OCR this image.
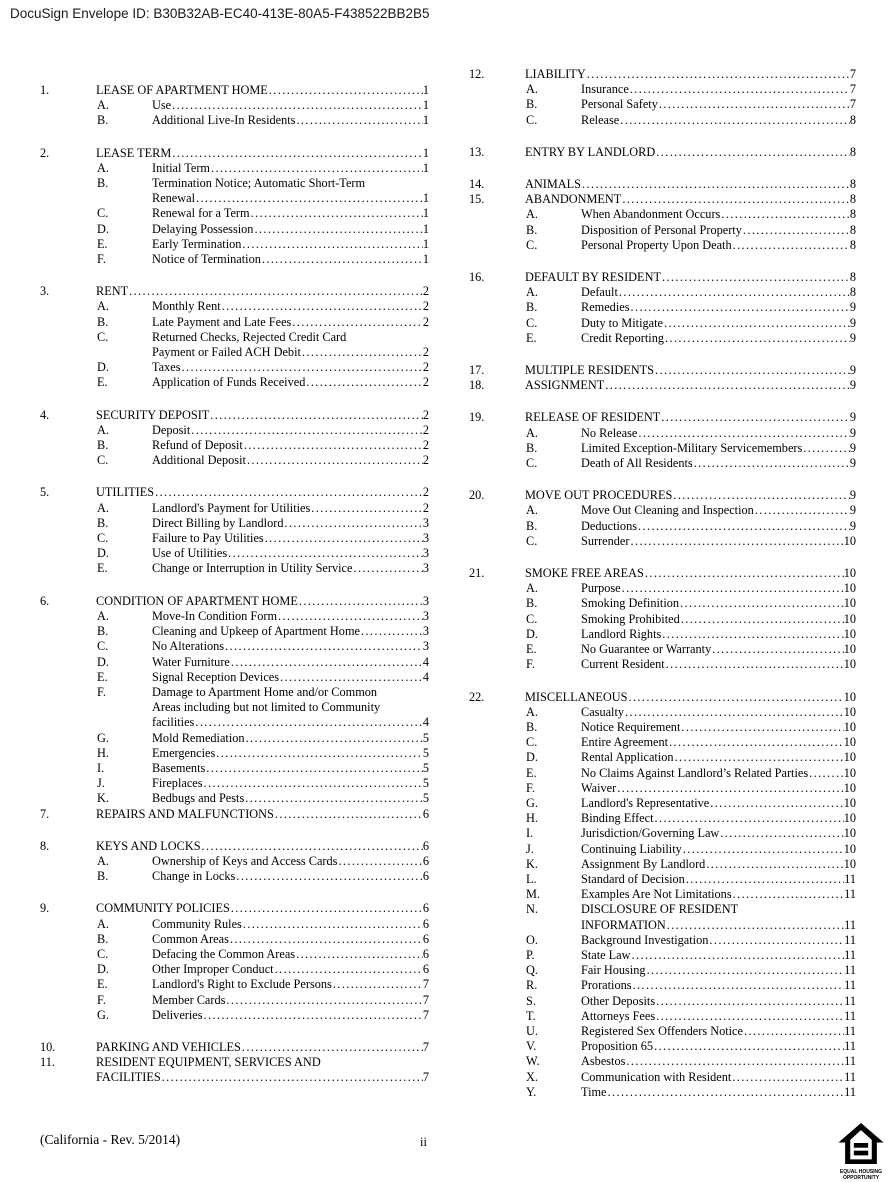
DocuSign Envelope ID: B30B32AB-EC40-413E-80A5-F438522BB2B5
1.	LEASE OF APARTMENT HOME .....	1
A.	Use .....	1
B.	Additional Live-In Residents .....	1
2.	LEASE TERM .....	1
A.	Initial Term .....	1
B.	Termination Notice; Automatic Short-Term
Renewal .....	1
C.	Renewal for a Term .....	1
D.	Delaying Possession .....	1
E.	Early Termination .....	1
F.	Notice of Termination .....	1
3.	RENT .....	2
A.	Monthly Rent .....	2
B.	Late Payment and Late Fees .....	2
C.	Returned Checks, Rejected Credit Card
Payment or Failed ACH Debit .....	2
D.	Taxes .....	2
E.	Application of Funds Received .....	2
4.	SECURITY DEPOSIT .....	2
A.	Deposit .....	2
B.	Refund of Deposit .....	2
C.	Additional Deposit .....	2
5.	UTILITIES .....	2
A.	Landlord's Payment for Utilities .....	2
B.	Direct Billing by Landlord .....	3
C.	Failure to Pay Utilities .....	3
D.	Use of Utilities .....	3
E.	Change or Interruption in Utility Service .....	3
6.	CONDITION OF APARTMENT HOME .....	3
A.	Move-In Condition Form .....	3
B.	Cleaning and Upkeep of Apartment Home .....	3
C.	No Alterations .....	3
D.	Water Furniture .....	4
E.	Signal Reception Devices .....	4
F.	Damage to Apartment Home and/or Common
Areas including but not limited to Community
facilities .....	4
G.	Mold Remediation .....	5
H.	Emergencies .....	5
I.	Basements .....	5
J.	Fireplaces .....	5
K.	Bedbugs and Pests .....	5
7.	REPAIRS AND MALFUNCTIONS .....	6
8.	KEYS AND LOCKS .....	6
A.	Ownership of Keys and Access Cards .....	6
B.	Change in Locks .....	6
9.	COMMUNITY POLICIES .....	6
A.	Community Rules .....	6
B.	Common Areas .....	6
C.	Defacing the Common Areas .....	6
D.	Other Improper Conduct .....	6
E.	Landlord's Right to Exclude Persons .....	7
F.	Member Cards .....	7
G.	Deliveries .....	7
10.	PARKING AND VEHICLES .....	7
11.	RESIDENT EQUIPMENT, SERVICES AND
FACILITIES .....	7
12.	LIABILITY .....	7
A.	Insurance .....	7
B.	Personal Safety .....	7
C.	Release .....	8
13.	ENTRY BY LANDLORD .....	8
14.	ANIMALS .....	8
15.	ABANDONMENT .....	8
A.	When Abandonment Occurs .....	8
B.	Disposition of Personal Property .....	8
C.	Personal Property Upon Death .....	8
16.	DEFAULT BY RESIDENT .....	8
A.	Default .....	8
B.	Remedies .....	9
C.	Duty to Mitigate .....	9
E.	Credit Reporting .....	9
17.	MULTIPLE RESIDENTS .....	9
18.	ASSIGNMENT .....	9
19.	RELEASE OF RESIDENT .....	9
A.	No Release .....	9
B.	Limited Exception-Military Servicemembers .....	9
C.	Death of All Residents .....	9
20.	MOVE OUT PROCEDURES .....	9
A.	Move Out Cleaning and Inspection .....	9
B.	Deductions .....	9
C.	Surrender .....	10
21.	SMOKE FREE AREAS .....	10
A.	Purpose .....	10
B.	Smoking Definition .....	10
C.	Smoking Prohibited .....	10
D.	Landlord Rights .....	10
E.	No Guarantee or Warranty .....	10
F.	Current Resident .....	10
22.	MISCELLANEOUS .....	10
A.	Casualty .....	10
B.	Notice Requirement .....	10
C.	Entire Agreement .....	10
D.	Rental Application .....	10
E.	No Claims Against Landlord’s Related Parties .....	10
F.	Waiver .....	10
G.	Landlord's Representative .....	10
H.	Binding Effect .....	10
I.	Jurisdiction/Governing Law .....	10
J.	Continuing Liability .....	10
K.	Assignment By Landlord .....	10
L.	Standard of Decision .....	11
M.	Examples Are Not Limitations .....	11
N.	DISCLOSURE OF RESIDENT
INFORMATION .....	11
O.	Background Investigation .....	11
P.	State Law .....	11
Q.	Fair Housing .....	11
R.	Prorations .....	11
S.	Other Deposits .....	11
T.	Attorneys Fees .....	11
U.	Registered Sex Offenders Notice .....	11
V.	Proposition 65 .....	11
W.	Asbestos .....	11
X.	Communication with Resident .....	11
Y.	Time .....	11
(California - Rev. 5/2014)	ii
EQUAL HOUSING
OPPORTUNITY
